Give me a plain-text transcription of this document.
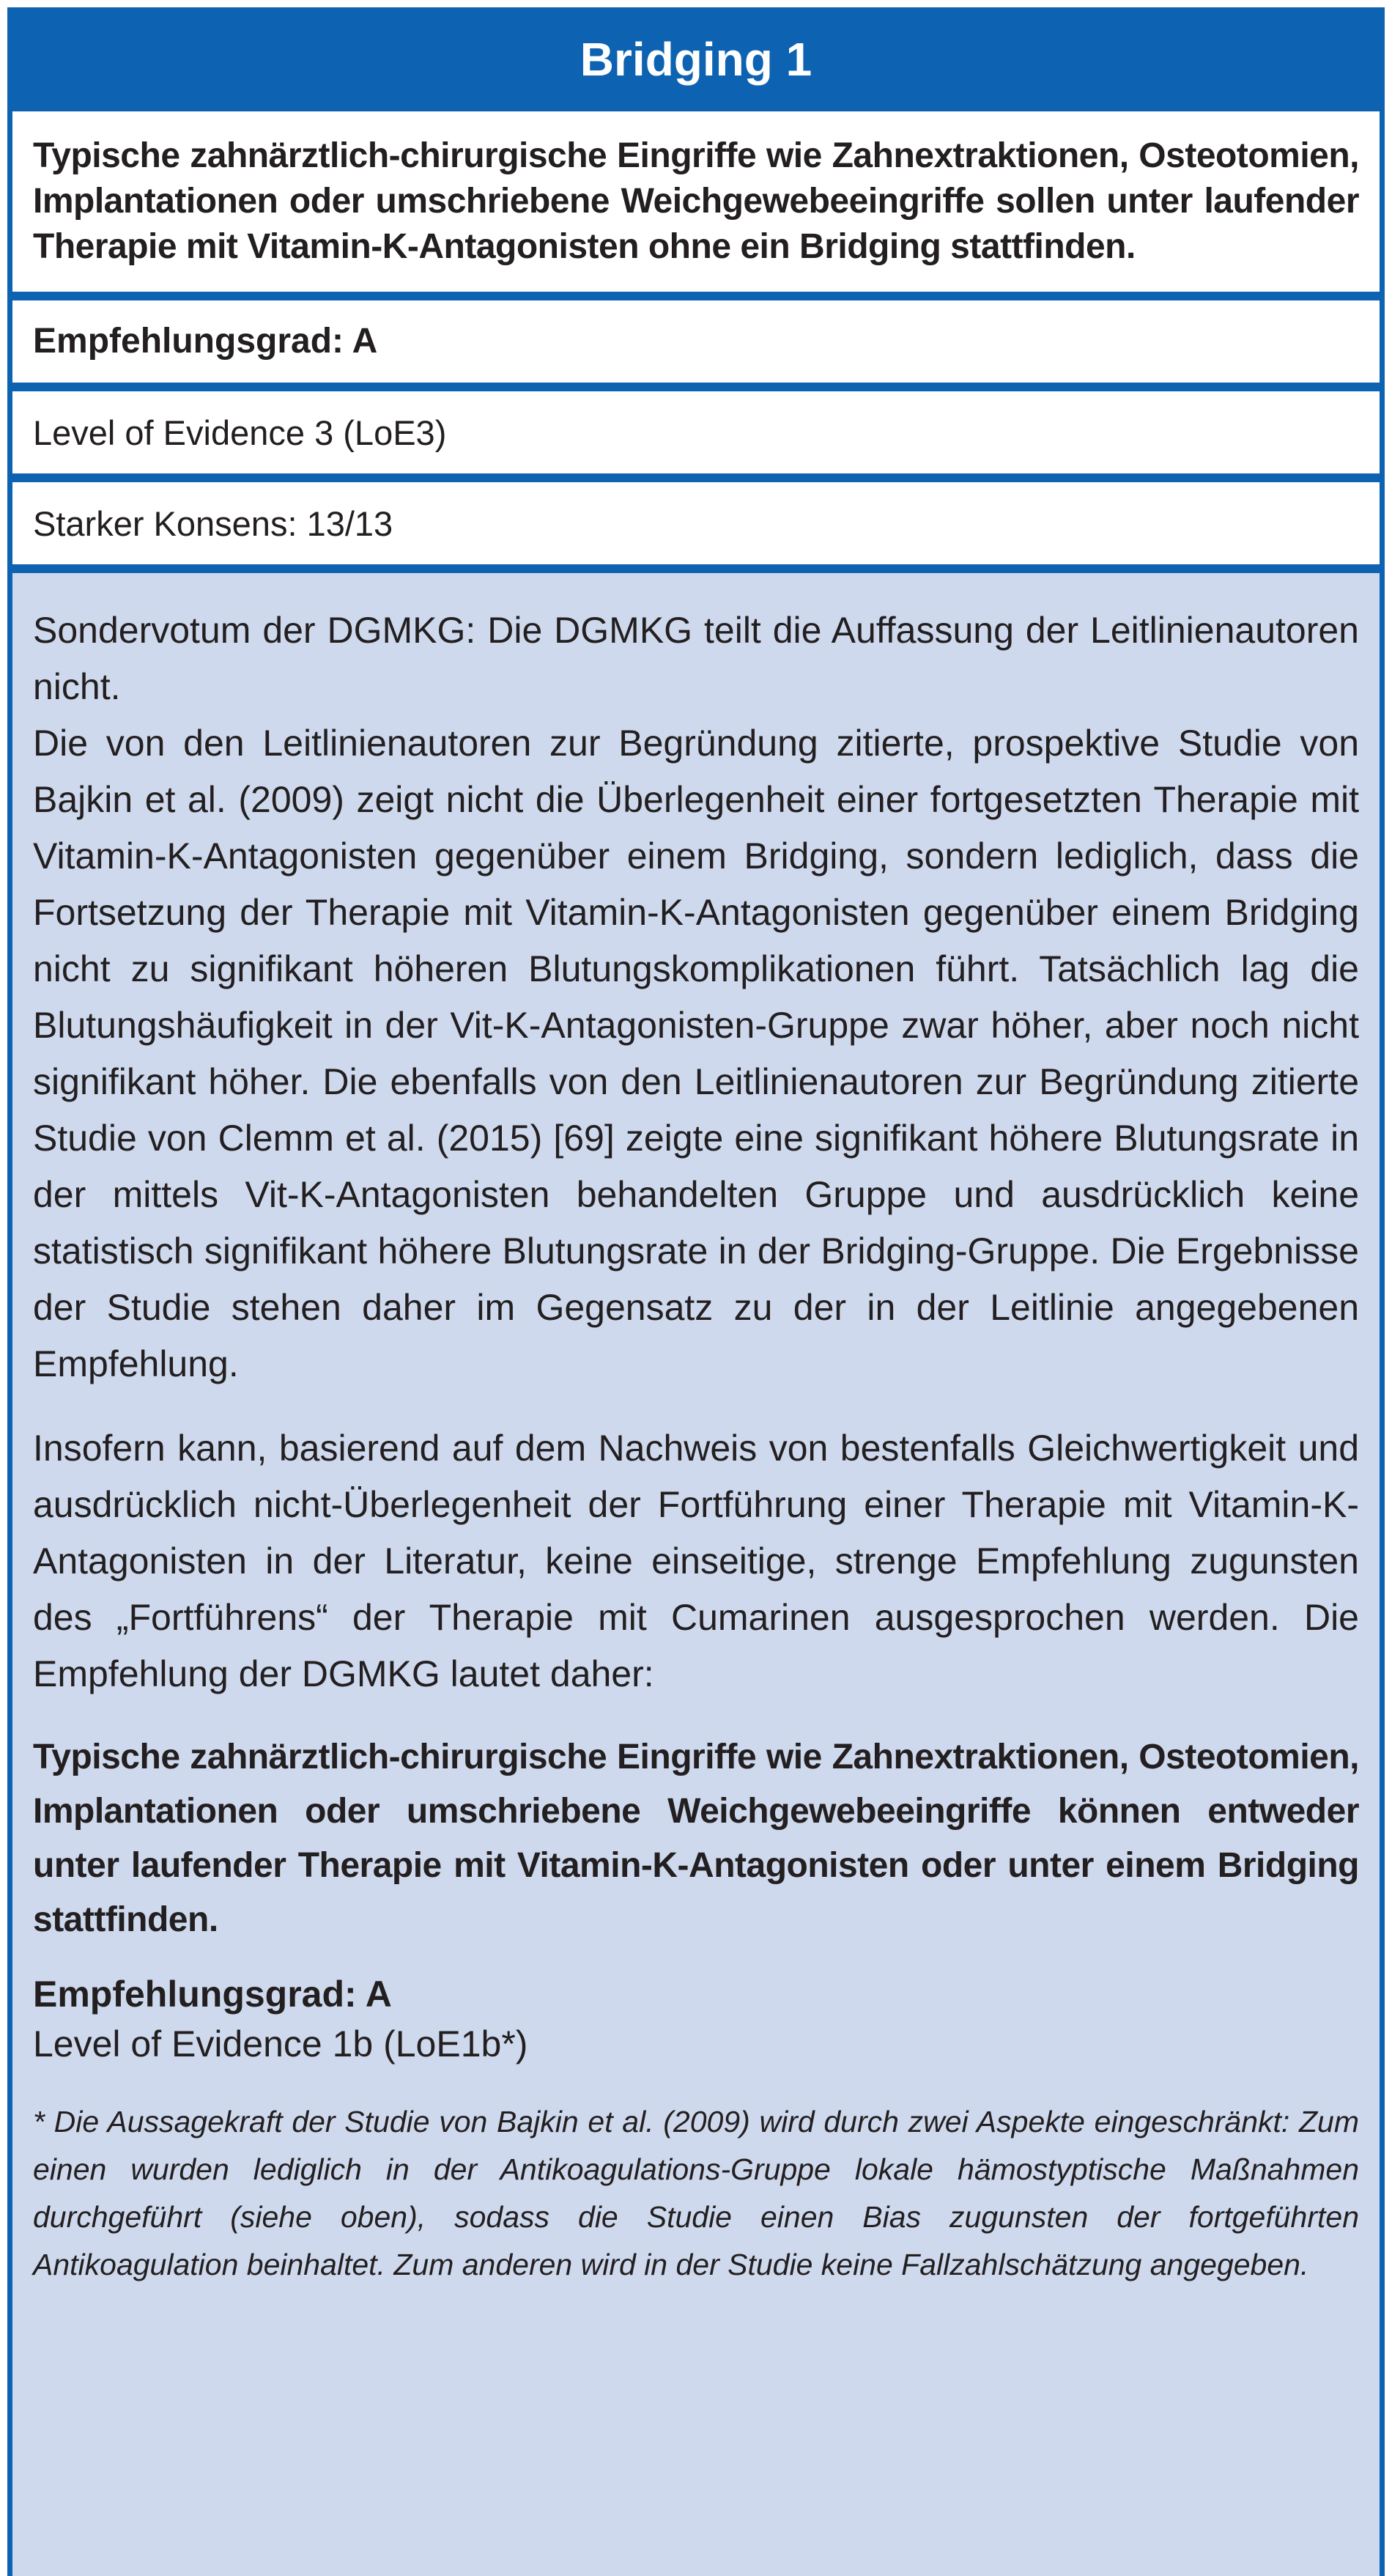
Bridging 1

Typische zahnärztlich-chirurgische Eingriffe wie Zahnextraktionen, Osteotomien, Implantationen oder umschriebene Weichgewebeeingriffe sollen unter laufender Therapie mit Vitamin-K-Antagonisten ohne ein Bridging stattfinden.

Empfehlungsgrad: A
Level of Evidence 3 (LoE3)
Starker Konsens: 13/13

Sondervotum der DGMKG: Die DGMKG teilt die Auffassung der Leitlinienautoren nicht.

Die von den Leitlinienautoren zur Begründung zitierte, prospektive Studie von Bajkin et al. (2009) zeigt nicht die Überlegenheit einer fortgesetzten Therapie mit Vitamin-K-Antagonisten gegenüber einem Bridging, sondern lediglich, dass die Fortsetzung der Therapie mit Vitamin-K-Antagonisten gegenüber einem Bridging nicht zu signifikant höheren Blutungskomplikationen führt. Tatsächlich lag die Blutungshäufigkeit in der Vit-K-Antagonisten-Gruppe zwar höher, aber noch nicht signifikant höher. Die ebenfalls von den Leitlinienautoren zur Begründung zitierte Studie von Clemm et al. (2015) [69] zeigte eine signifikant höhere Blutungsrate in der mittels Vit-K-Antagonisten behandelten Gruppe und ausdrücklich keine statistisch signifikant höhere Blutungsrate in der Bridging-Gruppe. Die Ergebnisse der Studie stehen daher im Gegensatz zu der in der Leitlinie angegebenen Empfehlung.

Insofern kann, basierend auf dem Nachweis von bestenfalls Gleichwertigkeit und ausdrücklich nicht-Überlegenheit der Fortführung einer Therapie mit Vitamin-K-Antagonisten in der Literatur, keine einseitige, strenge Empfehlung zugunsten des „Fortführens“ der Therapie mit Cumarinen ausgesprochen werden. Die Empfehlung der DGMKG lautet daher:

Typische zahnärztlich-chirurgische Eingriffe wie Zahnextraktionen, Osteotomien, Implantationen oder umschriebene Weichgewebeeingriffe können entweder unter laufender Therapie mit Vitamin-K-Antagonisten oder unter einem Bridging stattfinden.

Empfehlungsgrad: A

Level of Evidence 1b (LoE1b*)

* Die Aussagekraft der Studie von Bajkin et al. (2009) wird durch zwei Aspekte eingeschränkt: Zum einen wurden lediglich in der Antikoagulations-Gruppe lokale hämostyptische Maßnahmen durchgeführt (siehe oben), sodass die Studie einen Bias zugunsten der fortgeführten Antikoagulation beinhaltet. Zum anderen wird in der Studie keine Fallzahlschätzung angegeben.
